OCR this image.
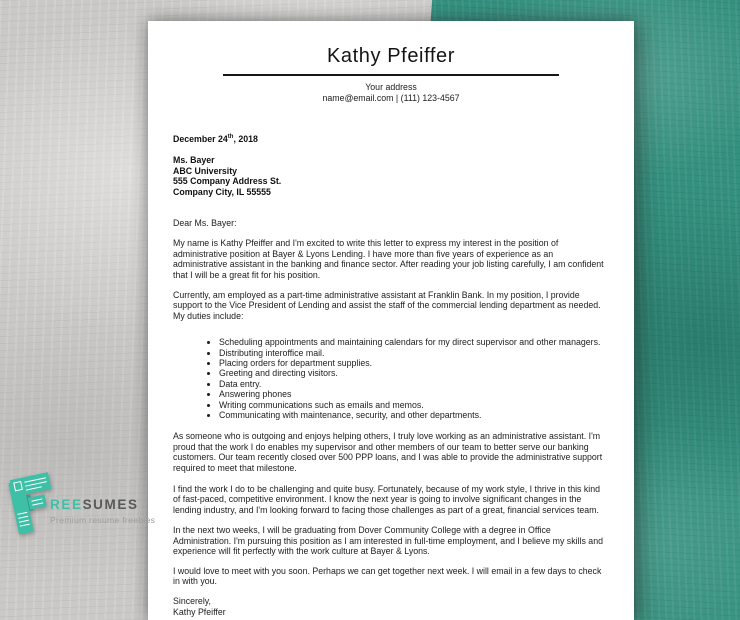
Kathy Pfeiffer
Your address
name@email.com | (111) 123-4567
December 24th, 2018
Ms. Bayer
ABC University
555 Company Address St.
Company City, IL 55555
Dear Ms. Bayer:

My name is Kathy Pfeiffer and I'm excited to write this letter to express my interest in the position of administrative position at Bayer & Lyons Lending. I have more than five years of experience as an administrative assistant in the banking and finance sector. After reading your job listing carefully, I am confident that I will be a great fit for his position.

Currently, am employed as a part-time administrative assistant at Franklin Bank. In my position, I provide support to the Vice President of Lending and assist the staff of the commercial lending department as needed. My duties include:

• Scheduling appointments and maintaining calendars for my direct supervisor and other managers.
• Distributing interoffice mail.
• Placing orders for department supplies.
• Greeting and directing visitors.
• Data entry.
• Answering phones
• Writing communications such as emails and memos.
• Communicating with maintenance, security, and other departments.

As someone who is outgoing and enjoys helping others, I truly love working as an administrative assistant. I'm proud that the work I do enables my supervisor and other members of our team to better serve our banking customers. Our team recently closed over 500 PPP loans, and I was able to provide the administrative support required to meet that milestone.

I find the work I do to be challenging and quite busy. Fortunately, because of my work style, I thrive in this kind of fast-paced, competitive environment. I know the next year is going to involve significant changes in the lending industry, and I'm looking forward to facing those challenges as part of a great, financial services team.

In the next two weeks, I will be graduating from Dover Community College with a degree in Office Administration. I'm pursuing this position as I am interested in full-time employment, and I believe my skills and experience will fit perfectly with the work culture at Bayer & Lyons.

I would love to meet with you soon. Perhaps we can get together next week. I will email in a few days to check in with you.

Sincerely,

Kathy Pfeiffer

REESUMES
Premium resume freebies
